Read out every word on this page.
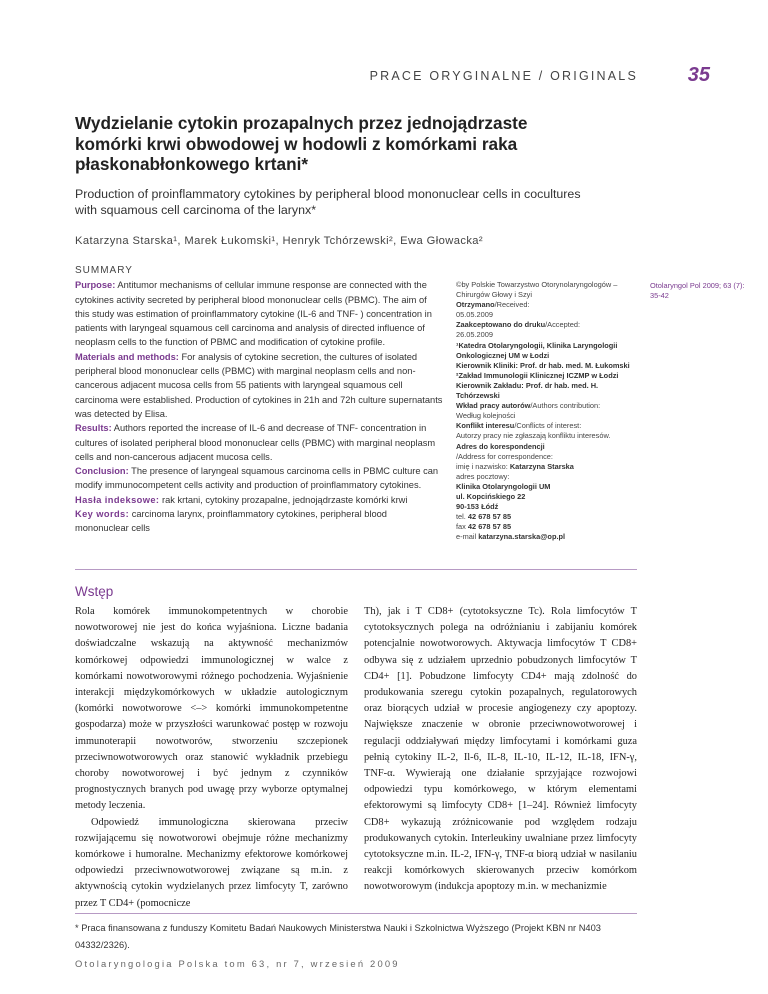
PRACE ORYGINALNE / ORIGINALS 35
Wydzielanie cytokin prozapalnych przez jednojądrzaste komórki krwi obwodowej w hodowli z komórkami raka płaskonabłonkowego krtani*
Production of proinflammatory cytokines by peripheral blood mononuclear cells in cocultures with squamous cell carcinoma of the larynx*
Katarzyna Starska¹, Marek Łukomski¹, Henryk Tchórzewski², Ewa Głowacka²
SUMMARY
Purpose: Antitumor mechanisms of cellular immune response are connected with the cytokines activity secreted by peripheral blood mononuclear cells (PBMC). The aim of this study was estimation of proinflammatory cytokine (IL-6 and TNF- ) concentration in patients with laryngeal squamous cell carcinoma and analysis of directed influence of neoplasm cells to the function of PBMC and modification of cytokine profile.
Materials and methods: For analysis of cytokine secretion, the cultures of isolated peripheral blood mononuclear cells (PBMC) with marginal neoplasm cells and non-cancerous adjacent mucosa cells from 55 patients with laryngeal squamous cell carcinoma were established. Production of cytokines in 21h and 72h culture supernatants was detected by Elisa.
Results: Authors reported the increase of IL-6 and decrease of TNF- concentration in cultures of isolated peripheral blood mononuclear cells (PBMC) with marginal neoplasm cells and non-cancerous adjacent mucosa cells.
Conclusion: The presence of laryngeal squamous carcinoma cells in PBMC culture can modify immunocompetent cells activity and production of proinflammatory cytokines.
Hasła indeksowe: rak krtani, cytokiny prozapalne, jednojądrzaste komórki krwi
Key words: carcinoma larynx, proinflammatory cytokines, peripheral blood mononuclear cells
©by Polskie Towarzystwo Otorynolaryngologów – Chirurgów Głowy i Szyi
Otrzymano/Received:
05.05.2009
Zaakceptowano do druku/Accepted:
26.05.2009
¹Katedra Otolaryngologii, Klinika Laryngologii Onkologicznej UM w Łodzi
Kierownik Kliniki: Prof. dr hab. med. M. Łukomski
²Zakład Immunologii Klinicznej ICZMP w Łodzi
Kierownik Zakładu: Prof. dr hab. med. H. Tchórzewski
Wkład pracy autorów/Authors contribution:
Według kolejności
Konflikt interesu/Conflicts of interest:
Autorzy pracy nie zgłaszają konfliktu interesów.
Adres do korespondencji
/Address for correspondence:
imię i nazwisko: Katarzyna Starska
adres pocztowy:
Klinika Otolaryngologii UM
ul. Kopcińskiego 22
90-153 Łódź
tel. 42 678 57 85
fax 42 678 57 85
e-mail katarzyna.starska@op.pl
Otolaryngol Pol 2009; 63 (7): 35-42
Wstęp

Rola komórek immunokompetentnych w chorobie nowotworowej nie jest do końca wyjaśniona. Liczne badania doświadczalne wskazują na aktywność mechanizmów komórkowej odpowiedzi immunologicznej w walce z komórkami nowotworowymi różnego pochodzenia. Wyjaśnienie interakcji międzykomórkowych w układzie autologicznym (komórki nowotworowe <–> komórki immunokompetentne gospodarza) może w przyszłości warunkować postęp w rozwoju immunoterapii nowotworów, stworzeniu szczepionek przeciwnowotworowych oraz stanowić wykładnik przebiegu choroby nowotworowej i być jednym z czynników prognostycznych branych pod uwagę przy wyborze optymalnej metody leczenia.

Odpowiedź immunologiczna skierowana przeciw rozwijającemu się nowotworowi obejmuje różne mechanizmy komórkowe i humoralne. Mechanizmy efektorowe komórkowej odpowiedzi przeciwnowotworowej związane są m.in. z aktywnością cytokin wydzielanych przez limfocyty T, zarówno przez T CD4+ (pomocnicze

Th), jak i T CD8+ (cytotoksyczne Tc). Rola limfocytów T cytotoksycznych polega na odróżnianiu i zabijaniu komórek potencjalnie nowotworowych. Aktywacja limfocytów T CD8+ odbywa się z udziałem uprzednio pobudzonych limfocytów T CD4+ [1]. Pobudzone limfocyty CD4+ mają zdolność do produkowania szeregu cytokin pozapalnych, regulatorowych oraz biorących udział w procesie angiogenezy czy apoptozy. Największe znaczenie w obronie przeciwnowotworowej i regulacji oddziaływań między limfocytami i komórkami guza pełnią cytokiny IL-2, Il-6, IL-8, IL-10, IL-12, IL-18, IFN-γ, TNF-α. Wywierają one działanie sprzyjające rozwojowi odpowiedzi typu komórkowego, w którym elementami efektorowymi są limfocyty CD8+ [1–24]. Również limfocyty CD8+ wykazują zróżnicowanie pod względem rodzaju produkowanych cytokin. Interleukiny uwalniane przez limfocyty cytotoksyczne m.in. IL-2, IFN-γ, TNF-α biorą udział w nasilaniu reakcji komórkowych skierowanych przeciw komórkom nowotworowym (indukcja apoptozy m.in. w mechanizmie

* Praca finansowana z funduszy Komitetu Badań Naukowych Ministerstwa Nauki i Szkolnictwa Wyższego (Projekt KBN nr N403 04332/2326).
Otolaryngologia Polska tom 63, nr 7, wrzesień 2009
